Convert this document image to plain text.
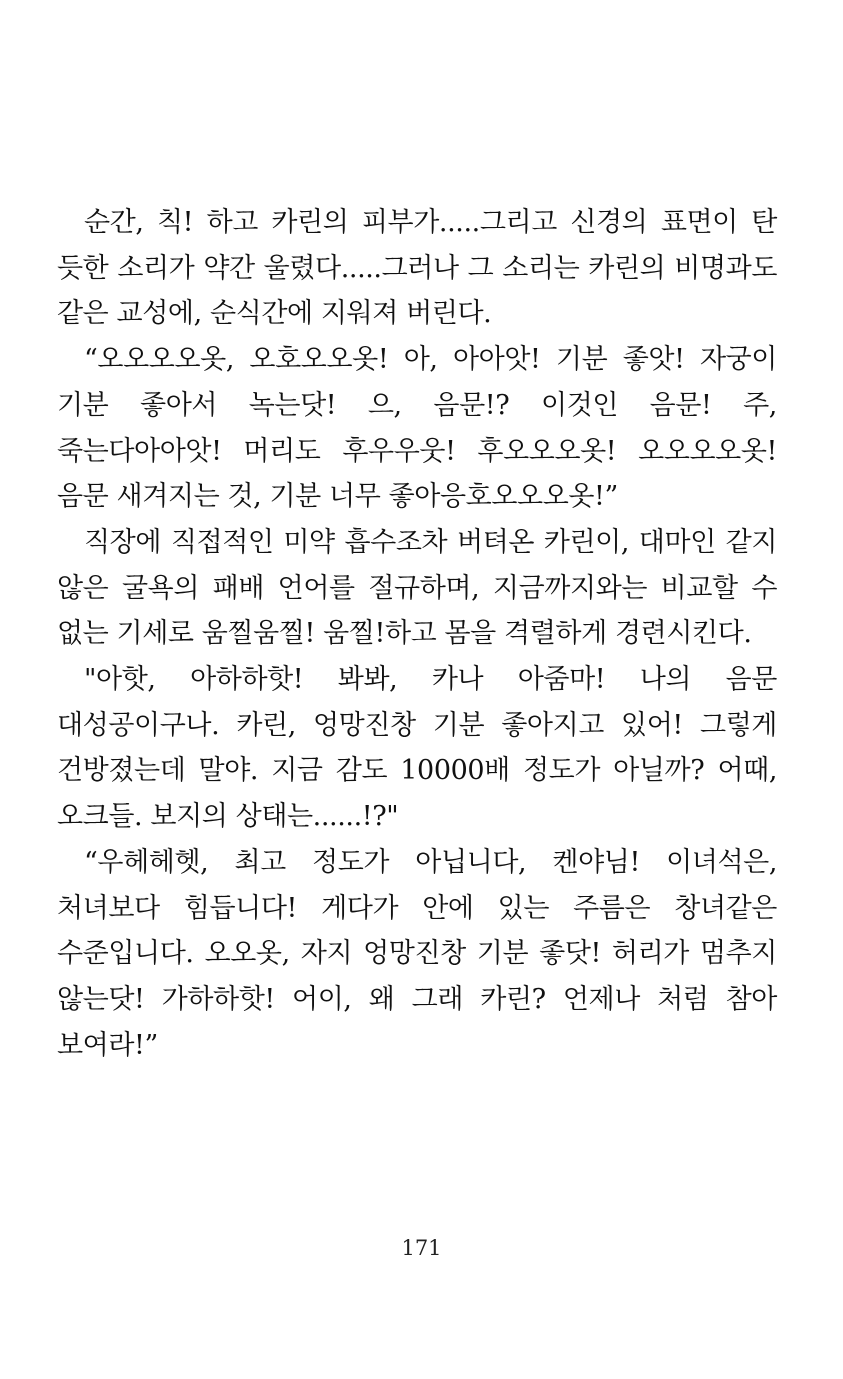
순간, 칙! 하고 카린의 피부가.....그리고 신경의 표면이 탄 듯한 소리가 약간 울렸다.....그러나 그 소리는 카린의 비명과도 같은 교성에, 순식간에 지워져 버린다.

“오오오오옷, 오호오오옷! 아, 아아앗! 기분 좋앗! 자궁이 기분 좋아서 녹는닷! 으, 음문!? 이것인 음문! 주, 죽는다아아앗! 머리도 후우우웃! 후오오오옷! 오오오오옷! 음문 새겨지는 것, 기분 너무 좋아응호오오오옷!”

직장에 직접적인 미약 흡수조차 버텨온 카린이, 대마인 같지 않은 굴욕의 패배 언어를 절규하며, 지금까지와는 비교할 수 없는 기세로 움찔움찔! 움찔!하고 몸을 격렬하게 경련시킨다.

"아핫, 아하하핫! 봐봐, 카나 아줌마! 나의 음문 대성공이구나. 카린, 엉망진창 기분 좋아지고 있어! 그렇게 건방졌는데 말야. 지금 감도 10000배 정도가 아닐까? 어때, 오크들. 보지의 상태는......!?"

“우헤헤헷, 최고 정도가 아닙니다, 켄야님! 이녀석은, 처녀보다 힘듭니다! 게다가 안에 있는 주름은 창녀같은 수준입니다. 오오옷, 자지 엉망진창 기분 좋닷! 허리가 멈추지 않는닷! 가하하핫! 어이, 왜 그래 카린? 언제나 처럼 참아 보여라!”

171
